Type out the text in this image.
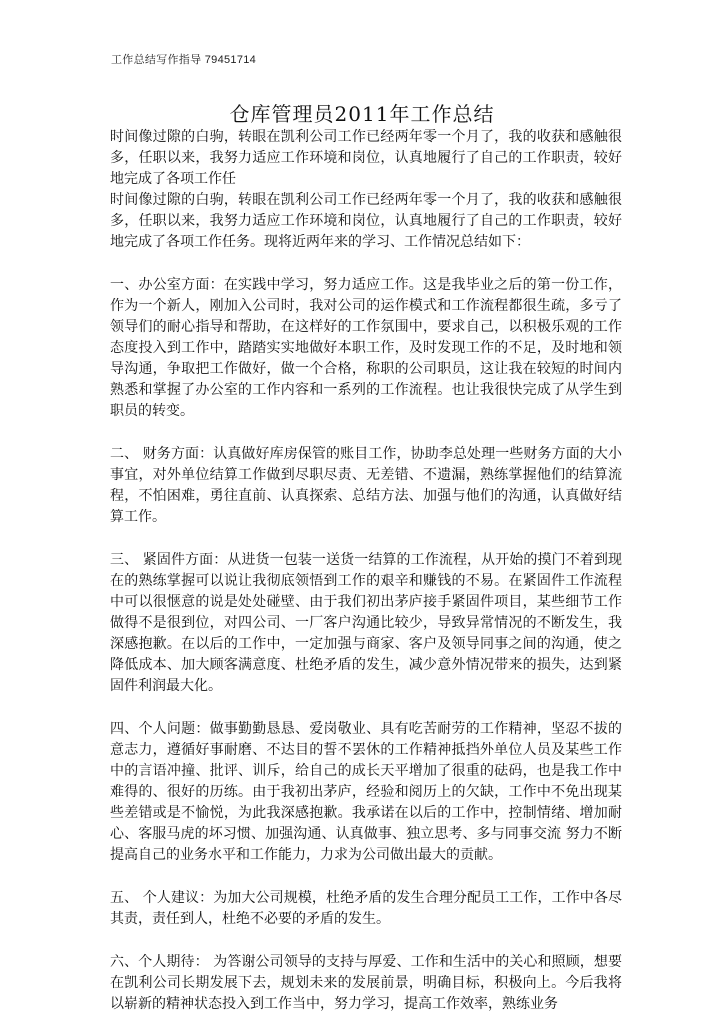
工作总结写作指导 79451714
仓库管理员2011年工作总结

时间像过隙的白驹，转眼在凯利公司工作已经两年零一个月了，我的收获和感触很多，任职以来，我努力适应工作环境和岗位，认真地履行了自己的工作职责，较好地完成了各项工作任

时间像过隙的白驹，转眼在凯利公司工作已经两年零一个月了，我的收获和感触很多，任职以来，我努力适应工作环境和岗位，认真地履行了自己的工作职责，较好地完成了各项工作任务。现将近两年来的学习、工作情况总结如下：

一、办公室方面：在实践中学习，努力适应工作。这是我毕业之后的第一份工作，作为一个新人，刚加入公司时，我对公司的运作模式和工作流程都很生疏，多亏了领导们的耐心指导和帮助，在这样好的工作氛围中，要求自己，以积极乐观的工作态度投入到工作中，踏踏实实地做好本职工作，及时发现工作的不足，及时地和领导沟通，争取把工作做好，做一个合格，称职的公司职员，这让我在较短的时间内熟悉和掌握了办公室的工作内容和一系列的工作流程。也让我很快完成了从学生到职员的转变。

二、 财务方面：认真做好库房保管的账目工作，协助李总处理一些财务方面的大小事宜，对外单位结算工作做到尽职尽责、无差错、不遗漏，熟练掌握他们的结算流程，不怕困难，勇往直前、认真探索、总结方法、加强与他们的沟通，认真做好结算工作。

三、 紧固件方面：从进货一包装一送货一结算的工作流程，从开始的摸门不着到现在的熟练掌握可以说让我彻底领悟到工作的艰辛和赚钱的不易。在紧固件工作流程中可以很惬意的说是处处碰壁、由于我们初出茅庐接手紧固件项目，某些细节工作做得不是很到位，对四公司、一厂客户沟通比较少，导致异常情况的不断发生，我深感抱歉。在以后的工作中，一定加强与商家、客户及领导同事之间的沟通，使之降低成本、加大顾客满意度、杜绝矛盾的发生，减少意外情况带来的损失，达到紧固件利润最大化。

四、个人问题：做事勤勤恳恳、爱岗敬业、具有吃苦耐劳的工作精神，坚忍不拔的意志力，遵循好事耐磨、不达目的誓不罢休的工作精神抵挡外单位人员及某些工作中的言语冲撞、批评、训斥，给自己的成长天平增加了很重的砝码，也是我工作中难得的、很好的历练。由于我初出茅庐，经验和阅历上的欠缺，工作中不免出现某些差错或是不愉悦，为此我深感抱歉。我承诺在以后的工作中，控制情绪、增加耐心、客服马虎的坏习惯、加强沟通、认真做事、独立思考、多与同事交流 努力不断提高自己的业务水平和工作能力，力求为公司做出最大的贡献。

五、 个人建议：为加大公司规模，杜绝矛盾的发生合理分配员工工作，工作中各尽其责，责任到人，杜绝不必要的矛盾的发生。

六、个人期待： 为答谢公司领导的支持与厚爱、工作和生活中的关心和照顾，想要在凯利公司长期发展下去，规划未来的发展前景，明确目标，积极向上。今后我将以崭新的精神状态投入到工作当中，努力学习，提高工作效率，熟练业务
